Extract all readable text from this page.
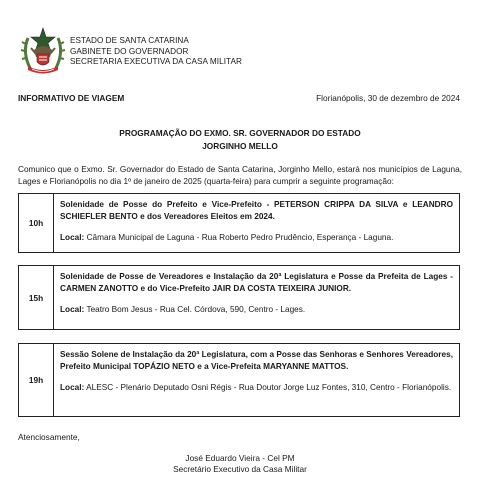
ESTADO DE SANTA CATARINA
GABINETE DO GOVERNADOR
SECRETARIA EXECUTIVA DA CASA MILITAR
INFORMATIVO DE VIAGEM	Florianópolis, 30 de dezembro de 2024
PROGRAMAÇÃO DO EXMO. SR. GOVERNADOR DO ESTADO
JORGINHO MELLO
Comunico que o Exmo. Sr. Governador do Estado de Santa Catarina, Jorginho Mello, estará nos municípios de Laguna, Lages e Florianópolis no dia 1º de janeiro de 2025 (quarta-feira) para cumprir a seguinte programação:
10h
Solenidade de Posse do Prefeito e Vice-Prefeito - PETERSON CRIPPA DA SILVA e LEANDRO SCHIEFLER BENTO e dos Vereadores Eleitos em 2024.
Local: Câmara Municipal de Laguna - Rua Roberto Pedro Prudêncio, Esperança - Laguna.
15h
Solenidade de Posse de Vereadores e Instalação da 20ª Legislatura e Posse da Prefeita de Lages - CARMEN ZANOTTO e do Vice-Prefeito JAIR DA COSTA TEIXEIRA JUNIOR.
Local: Teatro Bom Jesus - Rua Cel. Córdova, 590, Centro - Lages.
19h
Sessão Solene de Instalação da 20ª Legislatura, com a Posse das Senhoras e Senhores Vereadores, Prefeito Municipal TOPÁZIO NETO e a Vice-Prefeita MARYANNE MATTOS.
Local: ALESC - Plenário Deputado Osni Régis - Rua Doutor Jorge Luz Fontes, 310, Centro - Florianópolis.
Atenciosamente,
José Eduardo Vieira - Cel PM
Secretário Executivo da Casa Militar
